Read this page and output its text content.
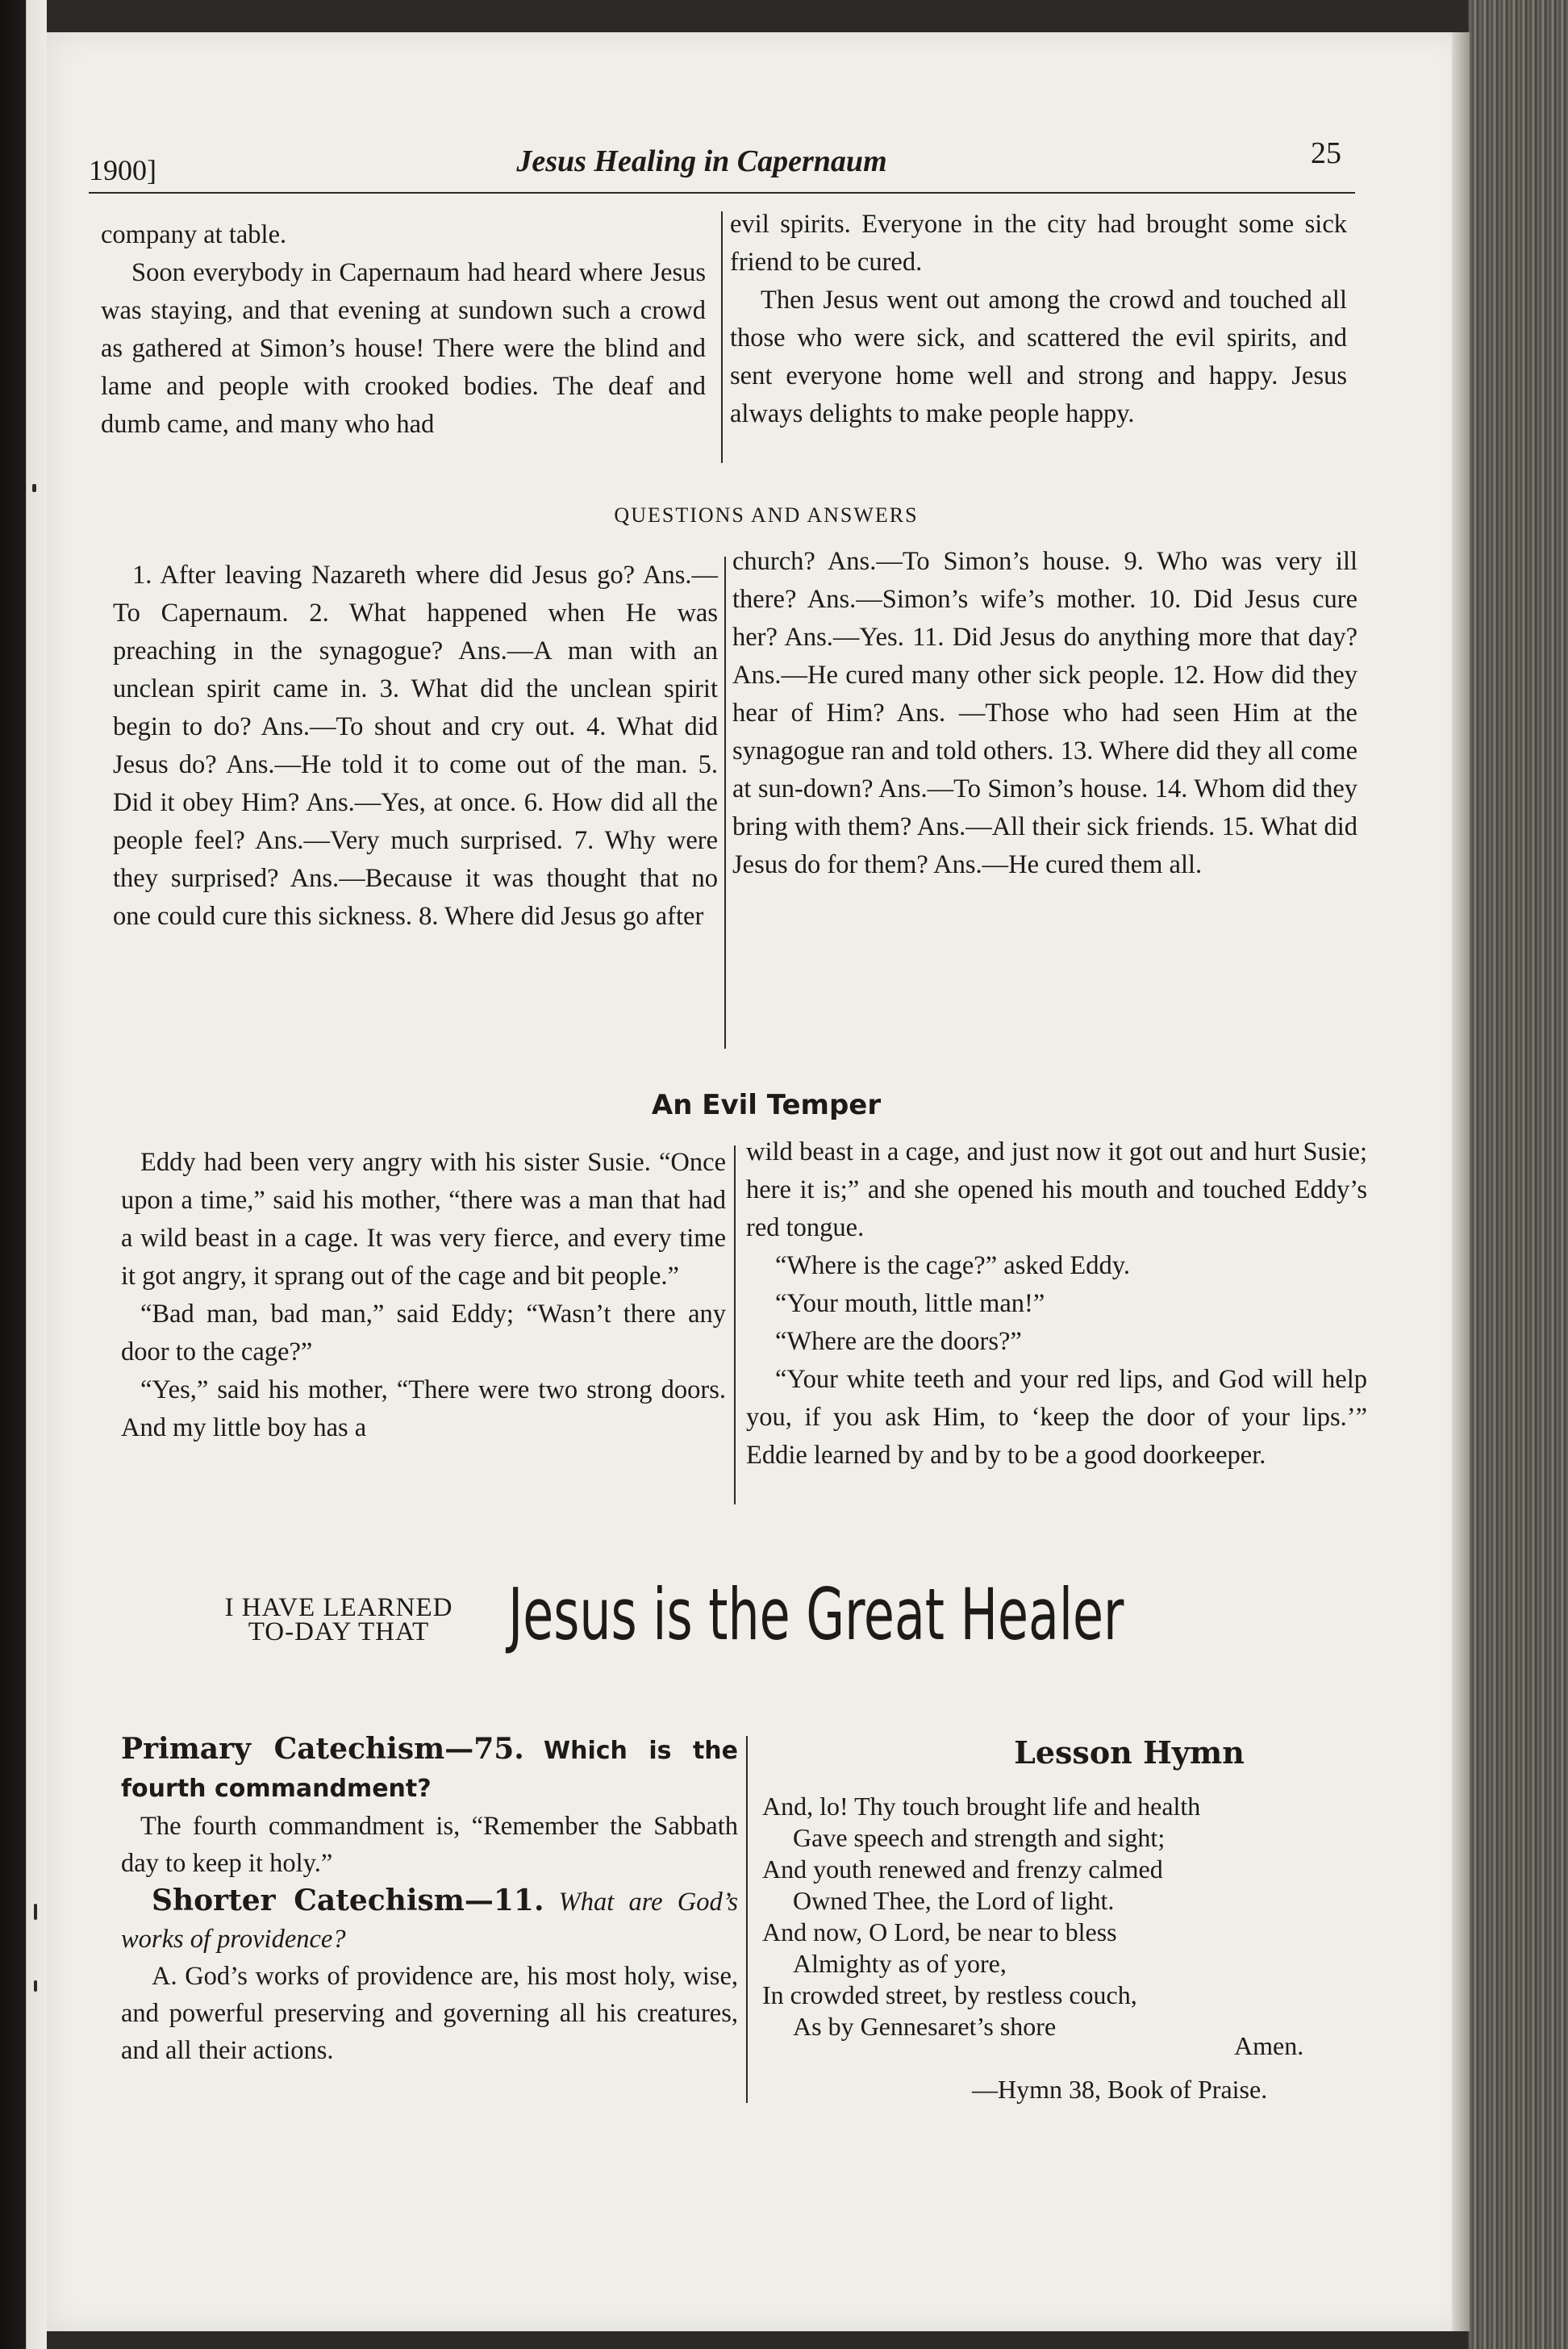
1900]	Jesus Healing in Capernaum	25

company at table.

Soon everybody in Capernaum had heard where Jesus was staying, and that evening at sundown such a crowd as gathered at Simon’s house! There were the blind and lame and people with crooked bodies. The deaf and dumb came, and many who had

evil spirits. Everyone in the city had brought some sick friend to be cured.

Then Jesus went out among the crowd and touched all those who were sick, and scattered the evil spirits, and sent everyone home well and strong and happy. Jesus always delights to make people happy.

QUESTIONS AND ANSWERS

1. After leaving Nazareth where did Jesus go? Ans.—To Capernaum. 2. What happened when He was preaching in the synagogue? Ans.—A man with an unclean spirit came in. 3. What did the unclean spirit begin to do? Ans.—To shout and cry out. 4. What did Jesus do? Ans.—He told it to come out of the man. 5. Did it obey Him? Ans.—Yes, at once. 6. How did all the people feel? Ans.—Very much surprised. 7. Why were they surprised? Ans.—Because it was thought that no one could cure this sickness. 8. Where did Jesus go after

church? Ans.—To Simon’s house. 9. Who was very ill there? Ans.—Simon’s wife’s mother. 10. Did Jesus cure her? Ans.—Yes. 11. Did Jesus do anything more that day? Ans.—He cured many other sick people. 12. How did they hear of Him? Ans. —Those who had seen Him at the synagogue ran and told others. 13. Where did they all come at sun-down? Ans.—To Simon’s house. 14. Whom did they bring with them? Ans.—All their sick friends. 15. What did Jesus do for them? Ans.—He cured them all.

An Evil Temper

Eddy had been very angry with his sister Susie. “Once upon a time,” said his mother, “there was a man that had a wild beast in a cage. It was very fierce, and every time it got angry, it sprang out of the cage and bit people.”

“Bad man, bad man,” said Eddy; “Wasn’t there any door to the cage?”

“Yes,” said his mother, “There were two strong doors. And my little boy has a

wild beast in a cage, and just now it got out and hurt Susie; here it is;” and she opened his mouth and touched Eddy’s red tongue.

“Where is the cage?” asked Eddy.

“Your mouth, little man!”

“Where are the doors?”

“Your white teeth and your red lips, and God will help you, if you ask Him, to ‘keep the door of your lips.’” Eddie learned by and by to be a good doorkeeper.

I HAVE LEARNED
TO-DAY THAT	Jesus is the Great Healer

Primary Catechism—75. Which is the fourth commandment?

The fourth commandment is, “Remember the Sabbath day to keep it holy.”

Shorter Catechism—11. What are God’s works of providence?

A. God’s works of providence are, his most holy, wise, and powerful preserving and governing all his creatures, and all their actions.

Lesson Hymn
And, lo! Thy touch brought life and health
Gave speech and strength and sight;
And youth renewed and frenzy calmed
Owned Thee, the Lord of light.
And now, O Lord, be near to bless
Almighty as of yore,
In crowded street, by restless couch,
As by Gennesaret’s shore
Amen.
—Hymn 38, Book of Praise.
